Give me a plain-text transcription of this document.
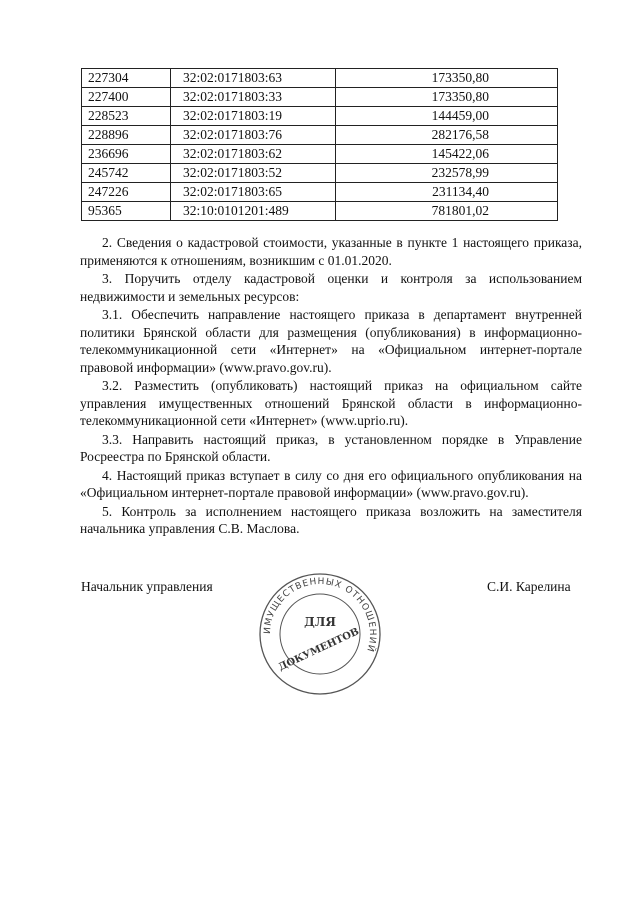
227304	32:02:0171803:63	173350,80
227400	32:02:0171803:33	173350,80
228523	32:02:0171803:19	144459,00
228896	32:02:0171803:76	282176,58
236696	32:02:0171803:62	145422,06
245742	32:02:0171803:52	232578,99
247226	32:02:0171803:65	231134,40
95365	32:10:0101201:489	781801,02

2. Сведения о кадастровой стоимости, указанные в пункте 1 настоящего приказа, применяются к отношениям, возникшим с 01.01.2020.

3. Поручить отделу кадастровой оценки и контроля за использованием недвижимости и земельных ресурсов:

3.1. Обеспечить направление настоящего приказа в департамент внутренней политики Брянской области для размещения (опубликования) в информационно-телекоммуникационной сети «Интернет» на «Официальном интернет-портале правовой информации» (www.pravo.gov.ru).

3.2. Разместить (опубликовать) настоящий приказ на официальном сайте управления имущественных отношений Брянской области в информационно-телекоммуникационной сети «Интернет» (www.uprio.ru).

3.3. Направить настоящий приказ, в установленном порядке в Управление Росреестра по Брянской области.

4. Настоящий приказ вступает в силу со дня его официального опубликования на «Официальном интернет-портале правовой информации» (www.pravo.gov.ru).

5. Контроль за исполнением настоящего приказа возложить на заместителя начальника управления С.В. Маслова.

Начальник управления	С.И. Карелина
ИМУЩЕСТВЕННЫХ ОТНОШЕНИЙ
ДЛЯ
ДОКУМЕНТОВ
